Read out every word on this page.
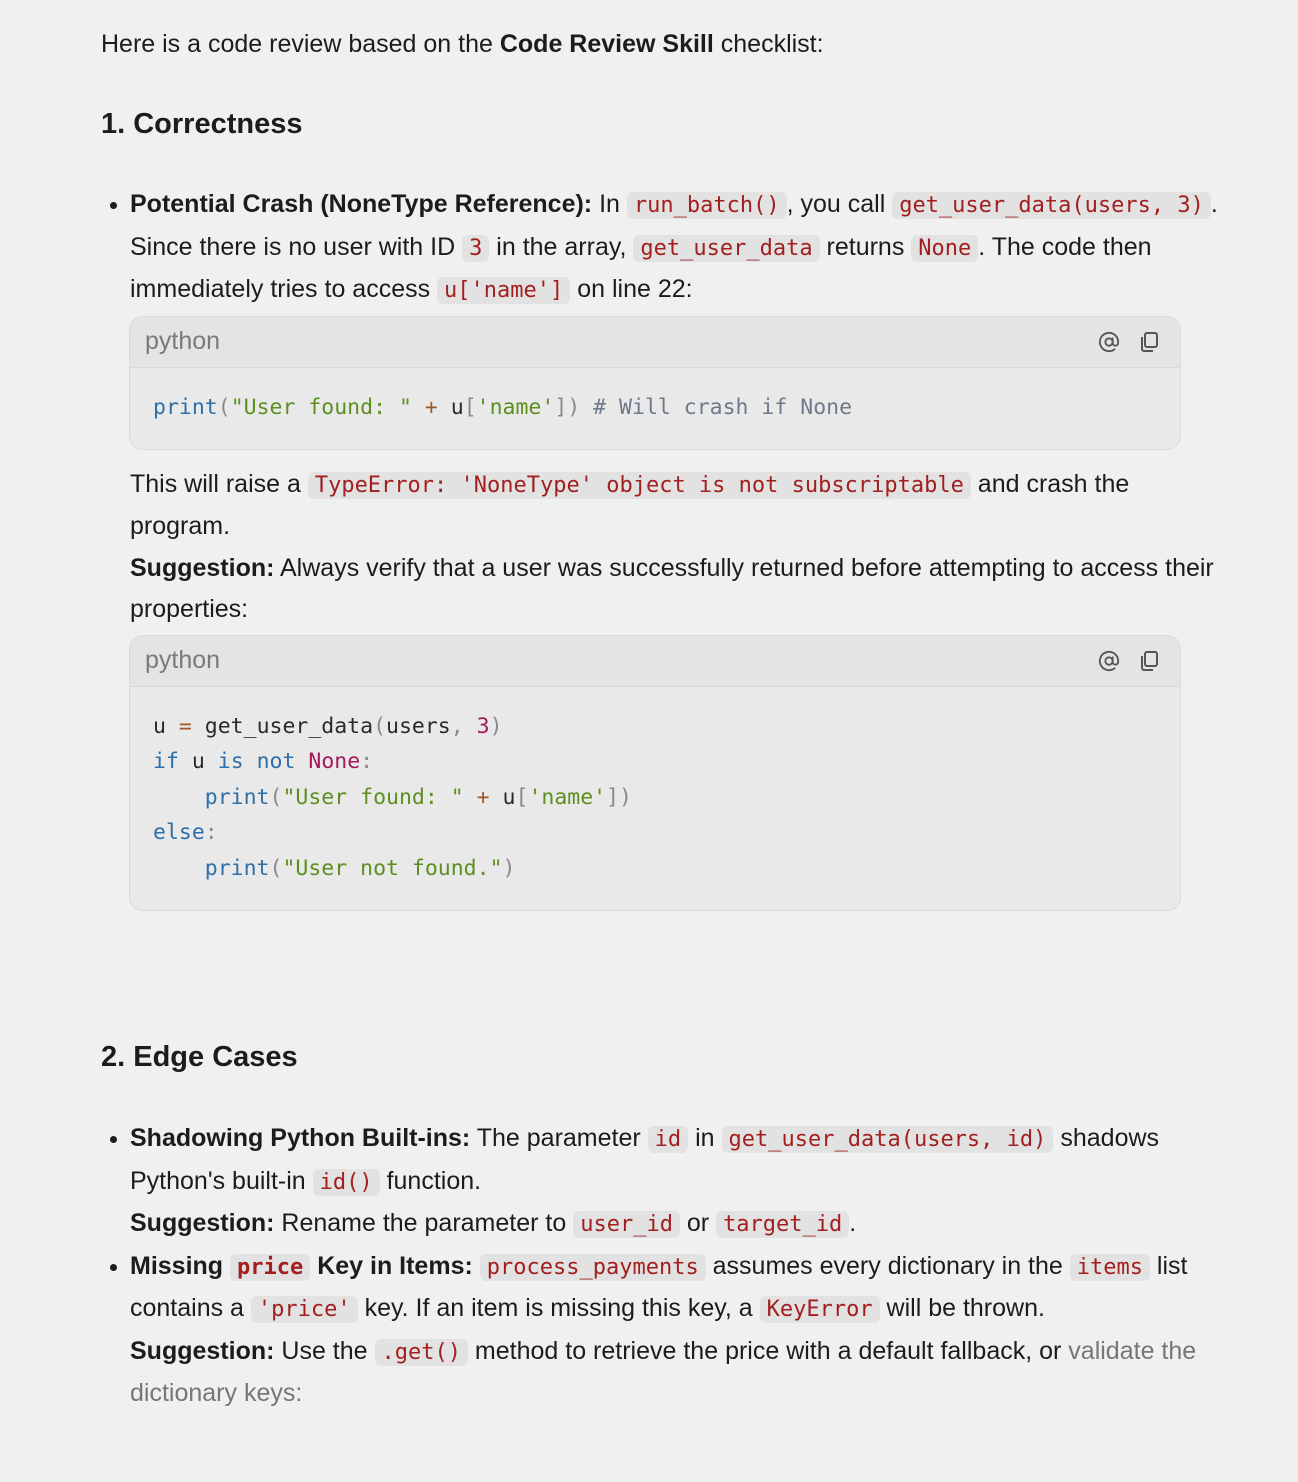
Here is a code review based on the Code Review Skill checklist:
1. Correctness
• Potential Crash (NoneType Reference): In run_batch() , you call get_user_data(users, 3) . Since there is no user with ID 3 in the array, get_user_data returns None . The code then immediately tries to access u['name'] on line 22:
python
print("User found: " + u['name']) # Will crash if None
This will raise a TypeError: 'NoneType' object is not subscriptable and crash the program.
Suggestion: Always verify that a user was successfully returned before attempting to access their properties:
python
u = get_user_data(users, 3)
if u is not None:
print("User found: " + u['name'])
else:
print("User not found.")
2. Edge Cases
• Shadowing Python Built-ins: The parameter id in get_user_data(users, id) shadows Python's built-in id() function.
Suggestion: Rename the parameter to user_id or target_id .
• Missing price Key in Items: process_payments assumes every dictionary in the items list contains a 'price' key. If an item is missing this key, a KeyError will be thrown.
Suggestion: Use the .get() method to retrieve the price with a default fallback, or validate the dictionary keys:
